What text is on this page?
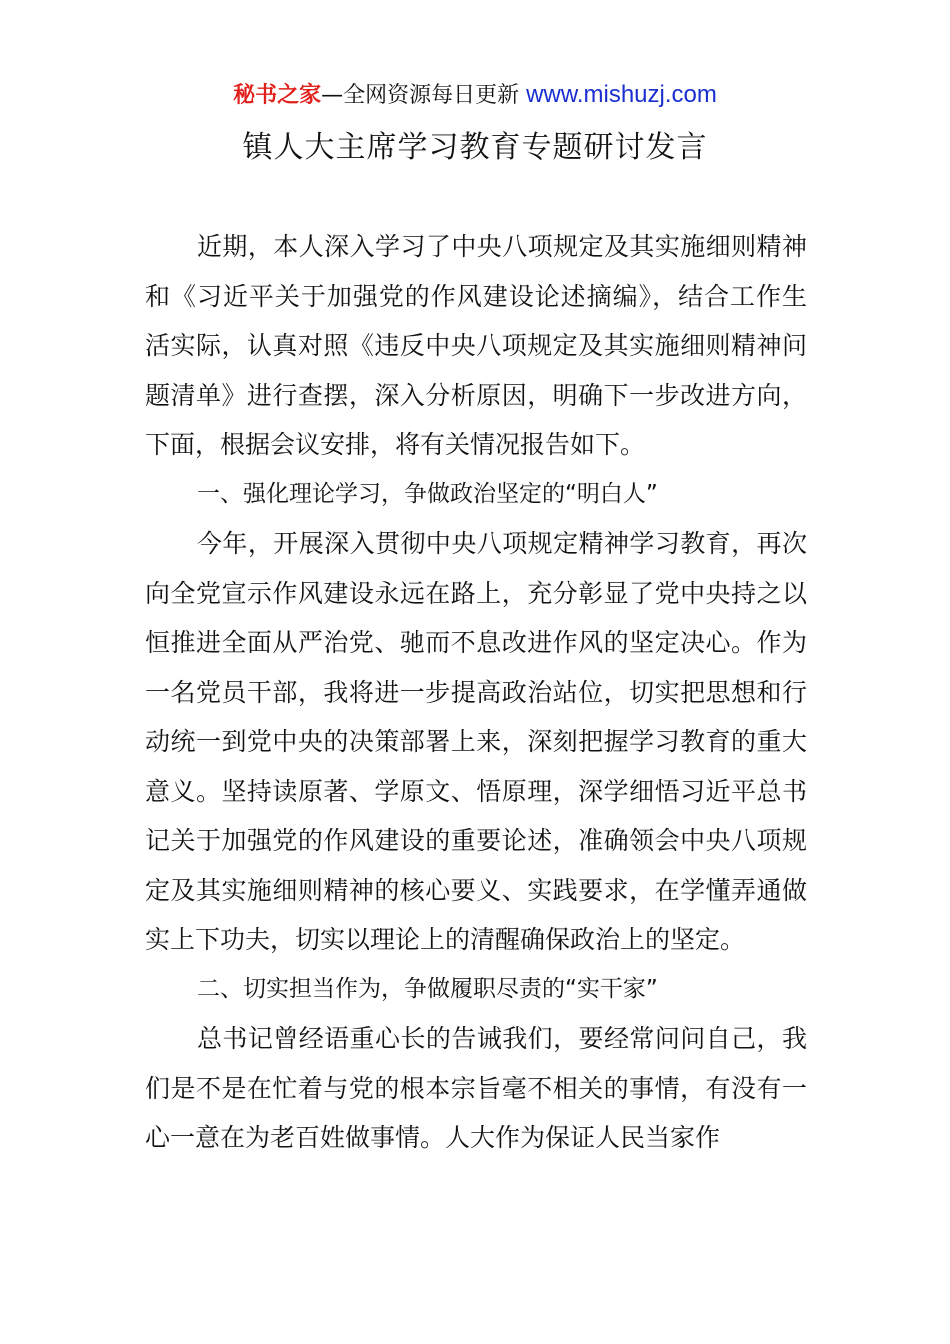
秘书之家—全网资源每日更新 www.mishuzj.com
镇人大主席学习教育专题研讨发言

近期，本人深入学习了中央八项规定及其实施细则精神和《习近平关于加强党的作风建设论述摘编》，结合工作生活实际，认真对照《违反中央八项规定及其实施细则精神问题清单》进行查摆，深入分析原因，明确下一步改进方向，下面，根据会议安排，将有关情况报告如下。

一、强化理论学习，争做政治坚定的“明白人”

今年，开展深入贯彻中央八项规定精神学习教育，再次向全党宣示作风建设永远在路上，充分彰显了党中央持之以恒推进全面从严治党、驰而不息改进作风的坚定决心。作为一名党员干部，我将进一步提高政治站位，切实把思想和行动统一到党中央的决策部署上来，深刻把握学习教育的重大意义。坚持读原著、学原文、悟原理，深学细悟习近平总书记关于加强党的作风建设的重要论述，准确领会中央八项规定及其实施细则精神的核心要义、实践要求，在学懂弄通做实上下功夫，切实以理论上的清醒确保政治上的坚定。

二、切实担当作为，争做履职尽责的“实干家”

总书记曾经语重心长的告诫我们，要经常问问自己，我们是不是在忙着与党的根本宗旨毫不相关的事情，有没有一心一意在为老百姓做事情。人大作为保证人民当家作
